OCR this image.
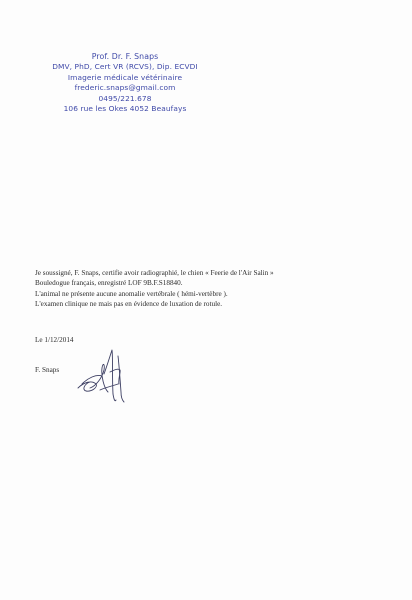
Prof. Dr. F. Snaps
DMV, PhD, Cert VR (RCVS), Dip. ECVDI
Imagerie médicale vétérinaire
frederic.snaps@gmail.com
0495/221.678
106 rue les Okes 4052 Beaufays
Je soussigné, F. Snaps, certifie avoir radiographié, le chien « Feerie de l'Air Salin »
Bouledogue français, enregistré LOF 9B.F.S18840.
L'animal ne présente aucune anomalie vertébrale ( hémi-vertèbre ).
L'examen clinique ne mais pas en évidence de luxation de rotule.
Le 1/12/2014
F. Snaps
